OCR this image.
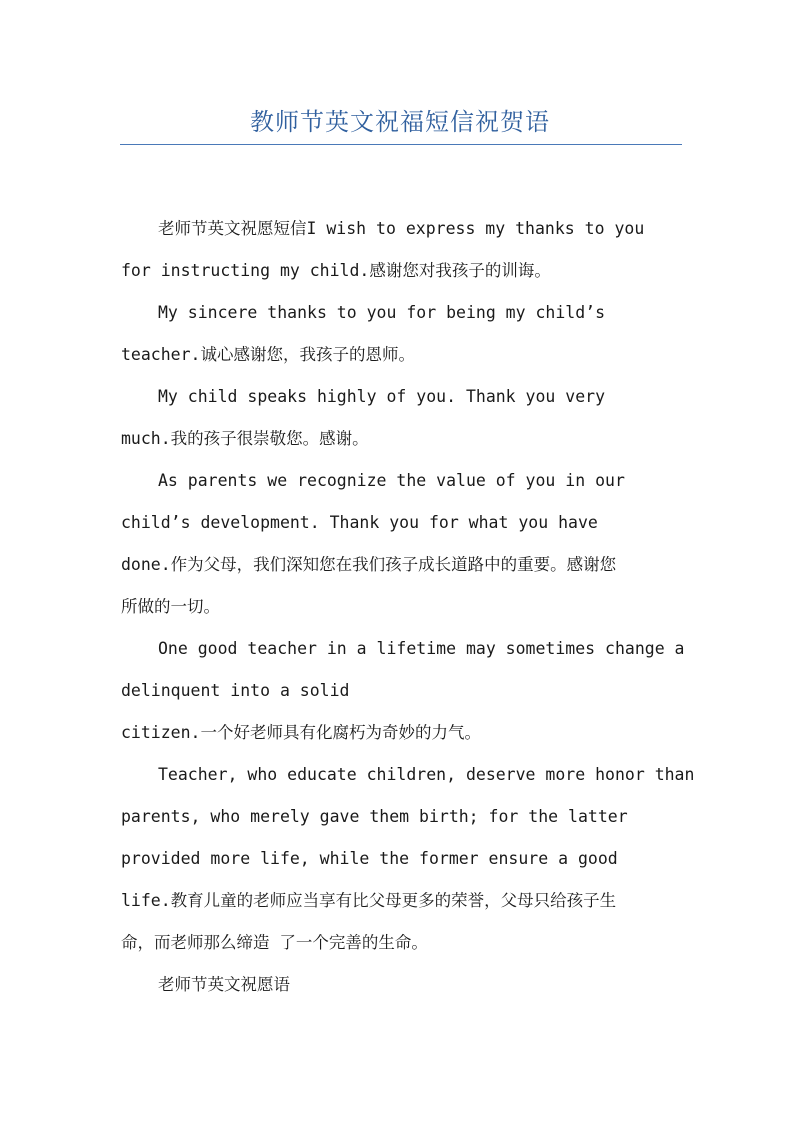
教师节英文祝福短信祝贺语
老师节英文祝愿短信I wish to express my thanks to you
for instructing my child.感谢您对我孩子的训诲。
My sincere thanks to you for being my child’s
teacher.诚心感谢您，我孩子的恩师。
My child speaks highly of you. Thank you very
much.我的孩子很崇敬您。感谢。
As parents we recognize the value of you in our
child’s development. Thank you for what you have
done.作为父母，我们深知您在我们孩子成长道路中的重要。感谢您
所做的一切。
One good teacher in a lifetime may sometimes change a
delinquent into a solid
citizen.一个好老师具有化腐朽为奇妙的力气。
Teacher, who educate children, deserve more honor than
parents, who merely gave them birth; for the latter
provided more life, while the former ensure a good
life.教育儿童的老师应当享有比父母更多的荣誉，父母只给孩子生
命，而老师那么缔造 了一个完善的生命。
老师节英文祝愿语
